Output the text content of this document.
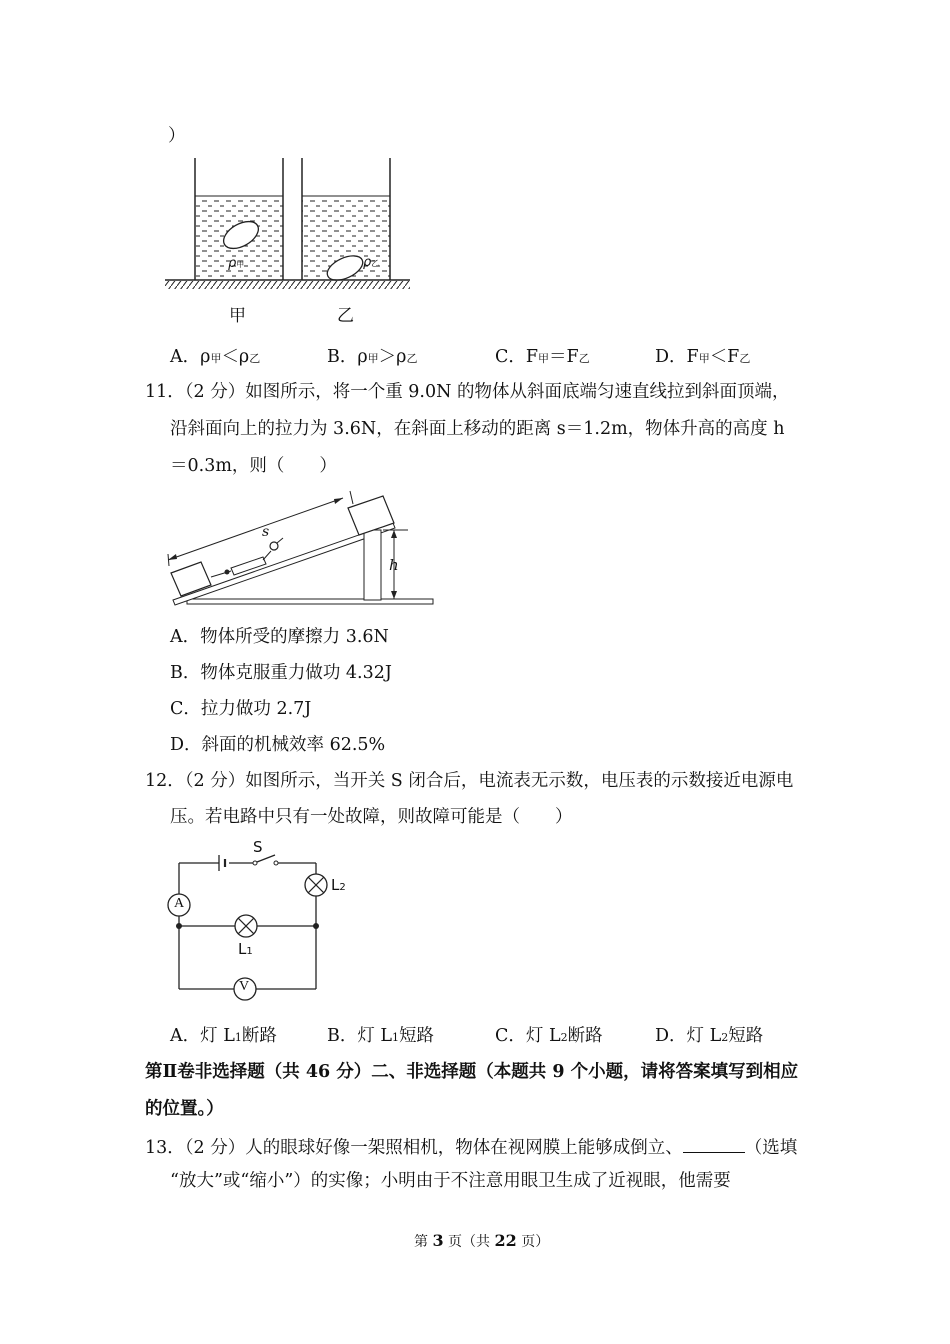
）
ρ甲	ρ乙
甲	乙
A．ρ甲＜ρ乙	B．ρ甲＞ρ乙	C．F甲＝F乙	D．F甲＜F乙
11．（2 分）如图所示，将一个重 9.0N 的物体从斜面底端匀速直线拉到斜面顶端，
沿斜面向上的拉力为 3.6N，在斜面上移动的距离 s＝1.2m，物体升高的高度 h
＝0.3m，则（　　）
s
h
A．物体所受的摩擦力 3.6N
B．物体克服重力做功 4.32J
C．拉力做功 2.7J
D．斜面的机械效率 62.5%
12．（2 分）如图所示，当开关 S 闭合后，电流表无示数，电压表的示数接近电源电
压。若电路中只有一处故障，则故障可能是（　　）
A
V
S
L2
L1
A．灯 L1断路	B．灯 L1短路	C．灯 L2断路	D．灯 L2短路
第Ⅱ卷非选择题（共 46 分）二、非选择题（本题共 9 个小题，请将答案填写到相应
的位置。）
13．（2 分）人的眼球好像一架照相机，物体在视网膜上能够成倒立、	（选填
“放大”或“缩小”）的实像；小明由于不注意用眼卫生成了近视眼，他需要
第 3 页（共 22 页）
